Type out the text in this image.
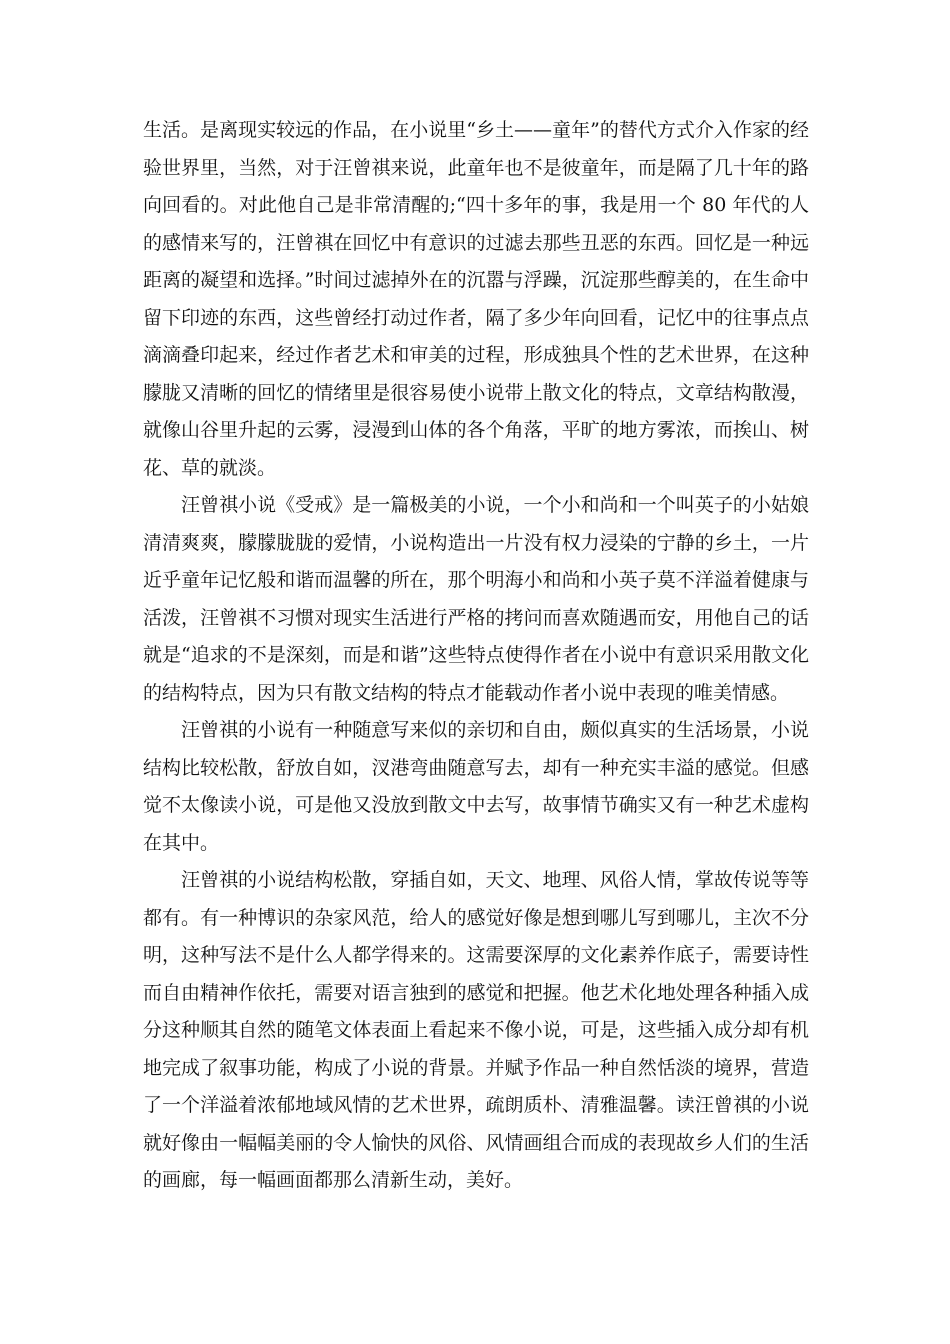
生活。是离现实较远的作品，在小说里“乡土——童年”的替代方式介入作家的经验世界里，当然，对于汪曾祺来说，此童年也不是彼童年，而是隔了几十年的路向回看的。对此他自己是非常清醒的;“四十多年的事，我是用一个 80 年代的人的感情来写的，汪曾祺在回忆中有意识的过滤去那些丑恶的东西。回忆是一种远距离的凝望和选择。”时间过滤掉外在的沉嚣与浮躁，沉淀那些醇美的，在生命中留下印迹的东西，这些曾经打动过作者，隔了多少年向回看，记忆中的往事点点滴滴叠印起来，经过作者艺术和审美的过程，形成独具个性的艺术世界，在这种朦胧又清晰的回忆的情绪里是很容易使小说带上散文化的特点，文章结构散漫，就像山谷里升起的云雾，浸漫到山体的各个角落，平旷的地方雾浓，而挨山、树花、草的就淡。

汪曾祺小说《受戒》是一篇极美的小说，一个小和尚和一个叫英子的小姑娘清清爽爽，朦朦胧胧的爱情，小说构造出一片没有权力浸染的宁静的乡土，一片近乎童年记忆般和谐而温馨的所在，那个明海小和尚和小英子莫不洋溢着健康与活泼，汪曾祺不习惯对现实生活进行严格的拷问而喜欢随遇而安，用他自己的话就是“追求的不是深刻，而是和谐”这些特点使得作者在小说中有意识采用散文化的结构特点，因为只有散文结构的特点才能载动作者小说中表现的唯美情感。

汪曾祺的小说有一种随意写来似的亲切和自由，颇似真实的生活场景，小说结构比较松散，舒放自如，汊港弯曲随意写去，却有一种充实丰溢的感觉。但感觉不太像读小说，可是他又没放到散文中去写，故事情节确实又有一种艺术虚构在其中。

汪曾祺的小说结构松散，穿插自如，天文、地理、风俗人情，掌故传说等等都有。有一种博识的杂家风范，给人的感觉好像是想到哪儿写到哪儿，主次不分明，这种写法不是什么人都学得来的。这需要深厚的文化素养作底子，需要诗性而自由精神作依托，需要对语言独到的感觉和把握。他艺术化地处理各种插入成分这种顺其自然的随笔文体表面上看起来不像小说，可是，这些插入成分却有机地完成了叙事功能，构成了小说的背景。并赋予作品一种自然恬淡的境界，营造了一个洋溢着浓郁地域风情的艺术世界，疏朗质朴、清雅温馨。读汪曾祺的小说就好像由一幅幅美丽的令人愉快的风俗、风情画组合而成的表现故乡人们的生活的画廊，每一幅画面都那么清新生动，美好。
